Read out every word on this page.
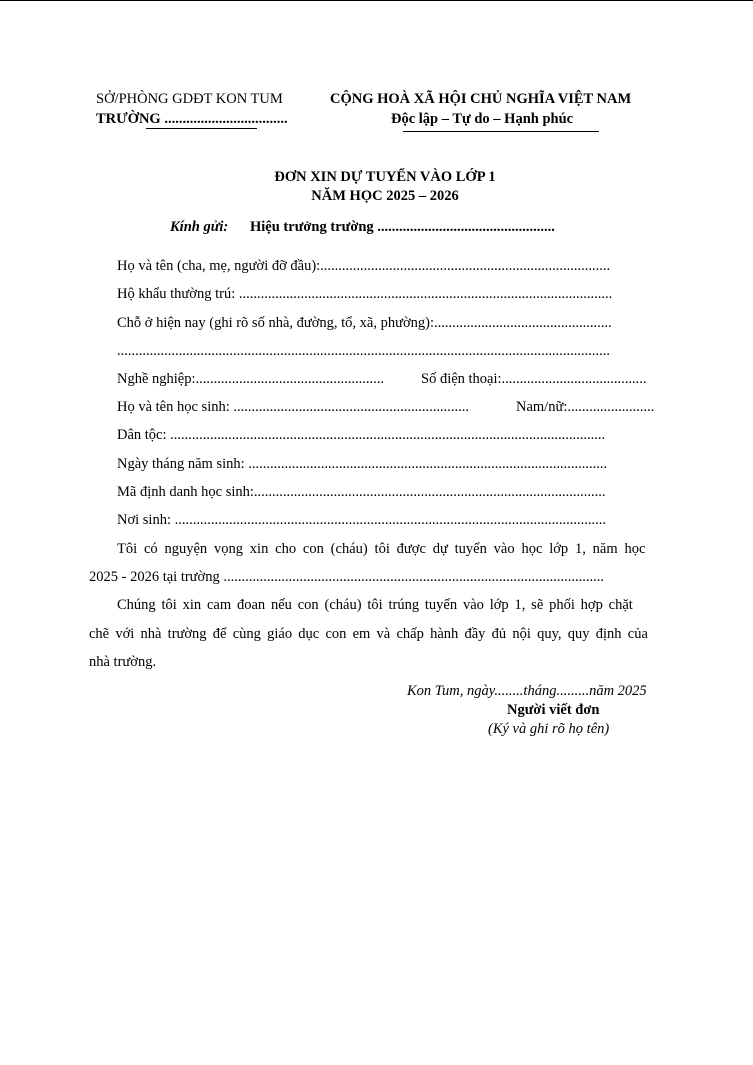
SỞ/PHÒNG GDĐT KON TUM
TRƯỜNG ..................................
CỘNG HOÀ XÃ HỘI CHỦ NGHĨA VIỆT NAM
Độc lập – Tự do – Hạnh phúc
ĐƠN XIN DỰ TUYỂN VÀO LỚP 1
NĂM HỌC 2025 – 2026
Kính gửi: Hiệu trưởng trường .................................................
Họ và tên (cha, mẹ, người đỡ đầu):................................................................................
Hộ khẩu thường trú: .......................................................................................................
Chỗ ở hiện nay (ghi rõ số nhà, đường, tổ, xã, phường):.................................................
........................................................................................................................................
Nghề nghiệp:....................................................	Số điện thoại:........................................
Họ và tên học sinh: .................................................................	Nam/nữ:........................
Dân tộc: ........................................................................................................................
Ngày tháng năm sinh: ...................................................................................................
Mã định danh học sinh:.................................................................................................
Nơi sinh: .......................................................................................................................
Tôi có nguyện vọng xin cho con (cháu) tôi được dự tuyển vào học lớp 1, năm học
2025 - 2026 tại trường .........................................................................................................
Chúng tôi xin cam đoan nếu con (cháu) tôi trúng tuyển vào lớp 1, sẽ phối hợp chặt
chẽ với nhà trường để cùng giáo dục con em và chấp hành đầy đủ nội quy, quy định của
nhà trường.
Kon Tum, ngày........tháng.........năm 2025
Người viết đơn
(Ký và ghi rõ họ tên)
